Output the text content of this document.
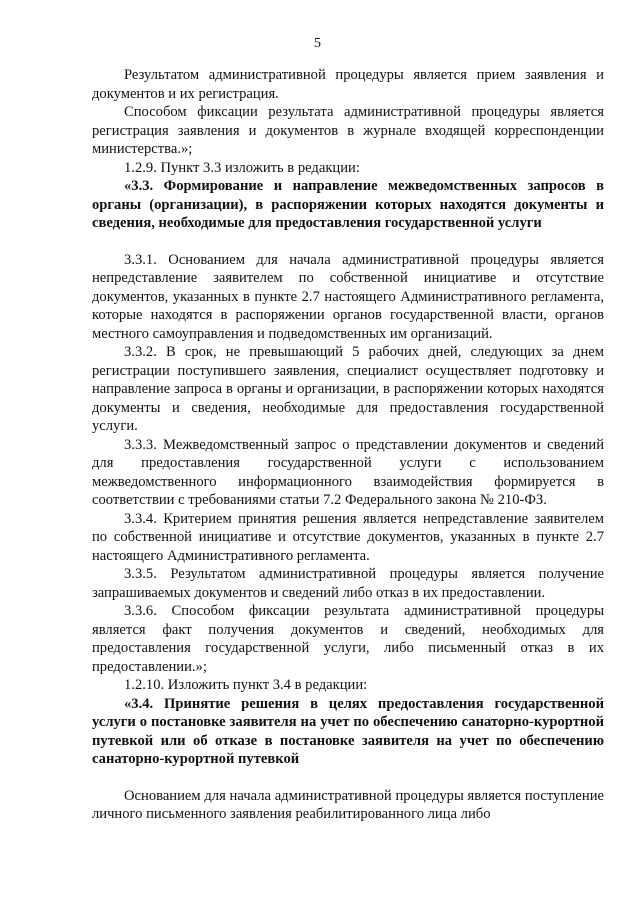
5

Результатом административной процедуры является прием заявления и документов и их регистрация.

Способом фиксации результата административной процедуры является регистрация заявления и документов в журнале входящей корреспонденции министерства.»;

1.2.9. Пункт 3.3 изложить в редакции:

«3.3. Формирование и направление межведомственных запросов в органы (организации), в распоряжении которых находятся документы и сведения, необходимые для предоставления государственной услуги

3.3.1. Основанием для начала административной процедуры является непредставление заявителем по собственной инициативе и отсутствие документов, указанных в пункте 2.7 настоящего Административного регламента, которые находятся в распоряжении органов государственной власти, органов местного самоуправления и подведомственных им организаций.

3.3.2. В срок, не превышающий 5 рабочих дней, следующих за днем регистрации поступившего заявления, специалист осуществляет подготовку и направление запроса в органы и организации, в распоряжении которых находятся документы и сведения, необходимые для предоставления государственной услуги.

3.3.3. Межведомственный запрос о представлении документов и сведений для предоставления государственной услуги с использованием межведомственного информационного взаимодействия формируется в соответствии с требованиями статьи 7.2 Федерального закона № 210-ФЗ.

3.3.4. Критерием принятия решения является непредставление заявителем по собственной инициативе и отсутствие документов, указанных в пункте 2.7 настоящего Административного регламента.

3.3.5. Результатом административной процедуры является получение запрашиваемых документов и сведений либо отказ в их предоставлении.

3.3.6. Способом фиксации результата административной процедуры является факт получения документов и сведений, необходимых для предоставления государственной услуги, либо письменный отказ в их предоставлении.»;

1.2.10. Изложить пункт 3.4 в редакции:

«3.4. Принятие решения в целях предоставления государственной услуги о постановке заявителя на учет по обеспечению санаторно-курортной путевкой или об отказе в постановке заявителя на учет по обеспечению санаторно-курортной путевкой

Основанием для начала административной процедуры является поступление личного письменного заявления реабилитированного лица либо
